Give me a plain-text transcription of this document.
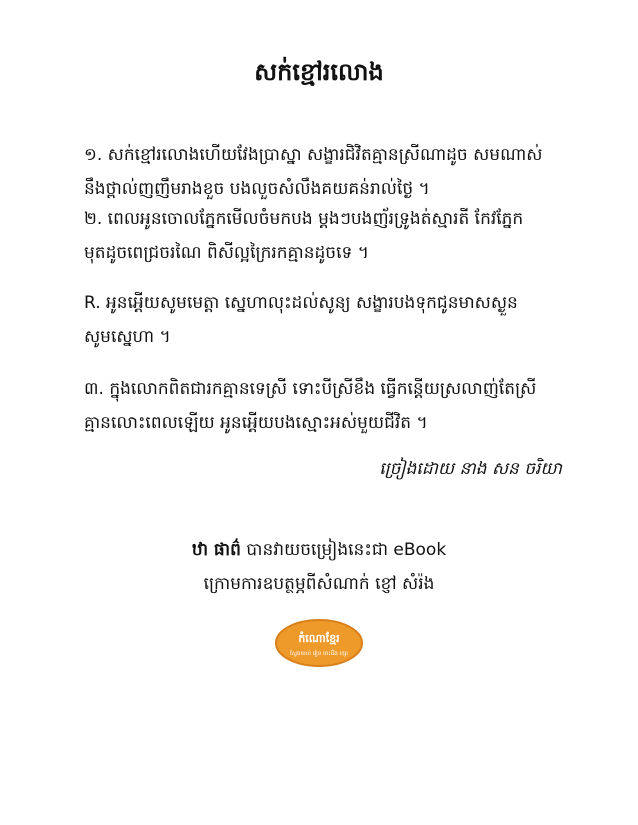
សក់ខ្មៅរលោង
១. សក់ខ្មៅរលោងហើយវែងប្រាស្នា សង្ខារជិវិតគ្មានស្រីណាដូច សមណាស់
នឹងថ្ពាល់ញញឹមរាងខួច បងលួចសំលឹងគយគន់រាល់ថ្ងៃ ។
២. ពេលអូនចោលភ្នែកមើលចំមកបង ម្តងៗបងញ័រទ្រូងត់ស្មារតី កែវភ្នែក
មុតដូចពេជ្រចរណៃ ពិសីល្អក្រៃរកគ្មានដូចទេ ។
R. អូនអើ្តយសូមមេត្តា ស្នេហាលុះដល់សូន្យ សង្ខារបងទុកជូនមាសស្ងួន
សូមស្នេហា ។
៣. ក្នុងលោកពិតជារកគ្មានទេស្រី ទោះបីស្រីខឹង ធ្វើកន្តើយស្រលាញ់តែស្រី
គ្មានលោះពេលឡើយ អូនអើ្តយបងស្មោះអស់មួយជីវិត ។
ច្រៀងដោយ នាង សន ចរិយា
ឋា ផាព៌ បានវាយចម្រៀងនេះជា eBook
ក្រោមការឧបត្ថម្ភពីសំណាក់ ខ្ញៅ សំរ៉ង
កំណោខ្មែរ
ស្វែងយល់ រៀន ចេះដឹង រក្សា
